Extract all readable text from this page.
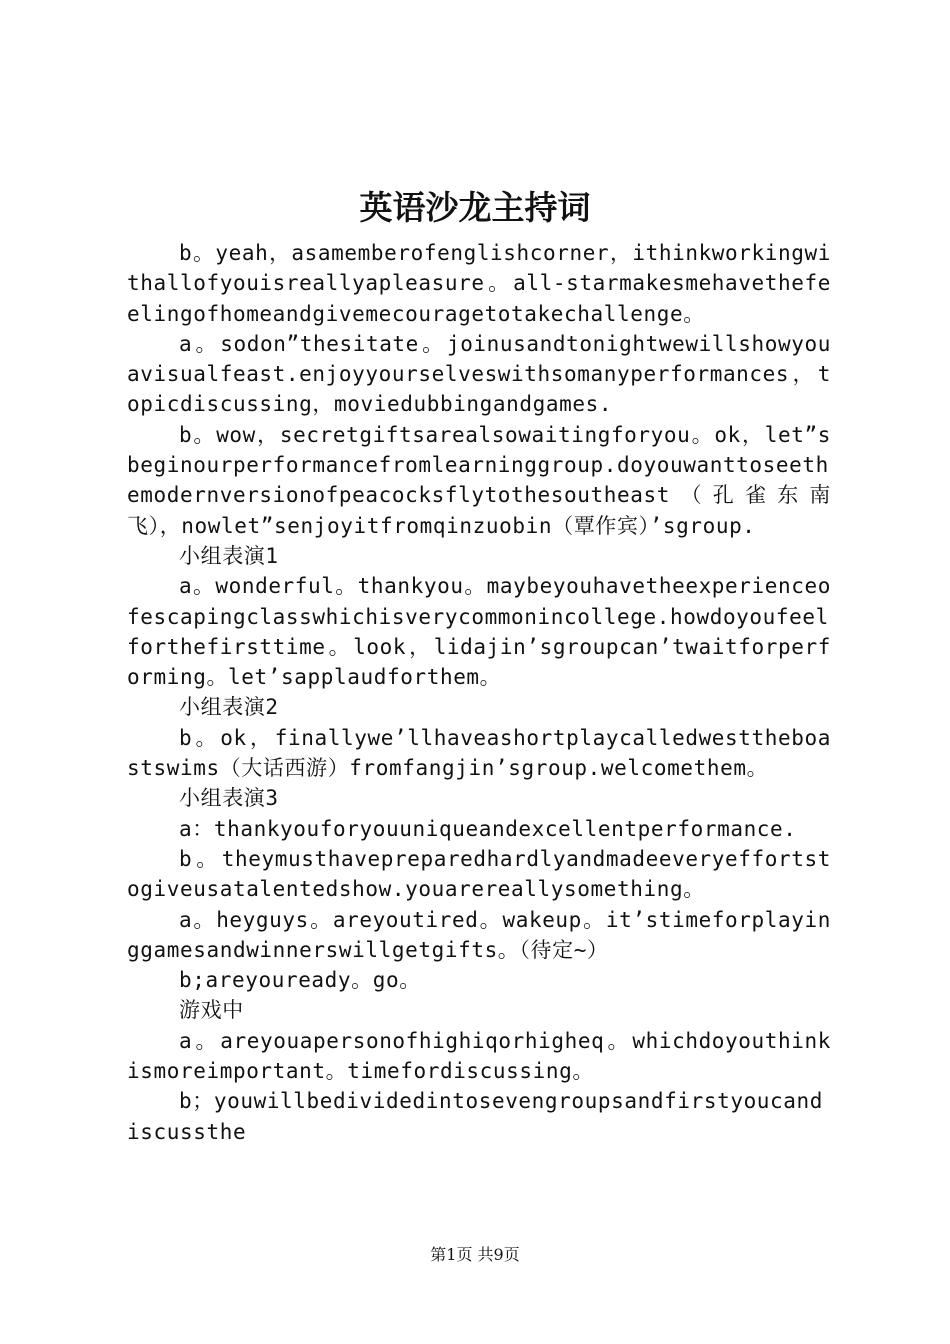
英语沙龙主持词

b。yeah，asamemberofenglishcorner，ithinkworkingwithallofyouisreallyapleasure。all-starmakesmehavethefeelingofhomeandgivemecouragetotakechallenge。

a。sodon”thesitate。joinusandtonightwewillshowyouavisualfeast.enjoyyourselveswithsomanyperformances，topicdiscussing，moviedubbingandgames.

b。wow，secretgiftsarealsowaitingforyou。ok，let”sbeginourperformancefromlearninggroup.doyouwanttoseethemodernversionofpeacocksflytothesoutheast（孔雀东南飞），nowlet”senjoyitfromqinzuobin（覃作宾）’sgroup.

小组表演1

a。wonderful。thankyou。maybeyouhavetheexperienceofescapingclasswhichisverycommonincollege.howdoyoufeelforthefirsttime。look，lidajin’sgroupcan’twaitforperforming。let’sapplaudforthem。

小组表演2

b。ok，finallywe’llhaveashortplaycalledwesttheboastswims（大话西游）fromfangjin’sgroup.welcomethem。

小组表演3

a：thankyouforyouuniqueandexcellentperformance.

b。theymusthavepreparedhardlyandmadeeveryeffortstogiveusatalentedshow.youarereallysomething。

a。heyguys。areyoutired。wakeup。it’stimeforplayinggamesandwinnerswillgetgifts。（待定~）

b;areyouready。go。

游戏中

a。areyouapersonofhighiqorhigheq。whichdoyouthinkismoreimportant。timefordiscussing。

b；youwillbedividedintosevengroupsandfirstyoucandiscussthe

第1页 共9页
